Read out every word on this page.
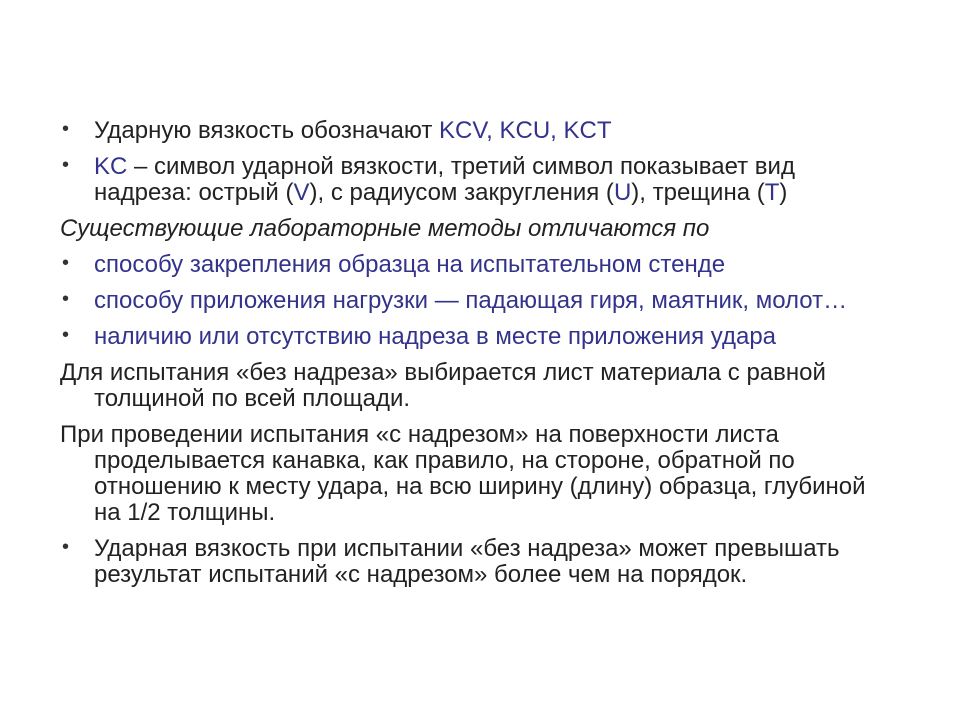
• Ударную вязкость обозначают KCV, KCU, KCT
• KC – символ ударной вязкости, третий символ показывает вид надреза: острый (V), с радиусом закругления (U), трещина (T)
Существующие лабораторные методы отличаются по
• способу закрепления образца на испытательном стенде
• способу приложения нагрузки — падающая гиря, маятник, молот…
• наличию или отсутствию надреза в месте приложения удара
Для испытания «без надреза» выбирается лист материала с равной толщиной по всей площади.
При проведении испытания «с надрезом» на поверхности листа проделывается канавка, как правило, на стороне, обратной по отношению к месту удара, на всю ширину (длину) образца, глубиной на 1/2 толщины.
• Ударная вязкость при испытании «без надреза» может превышать результат испытаний «с надрезом» более чем на порядок.
